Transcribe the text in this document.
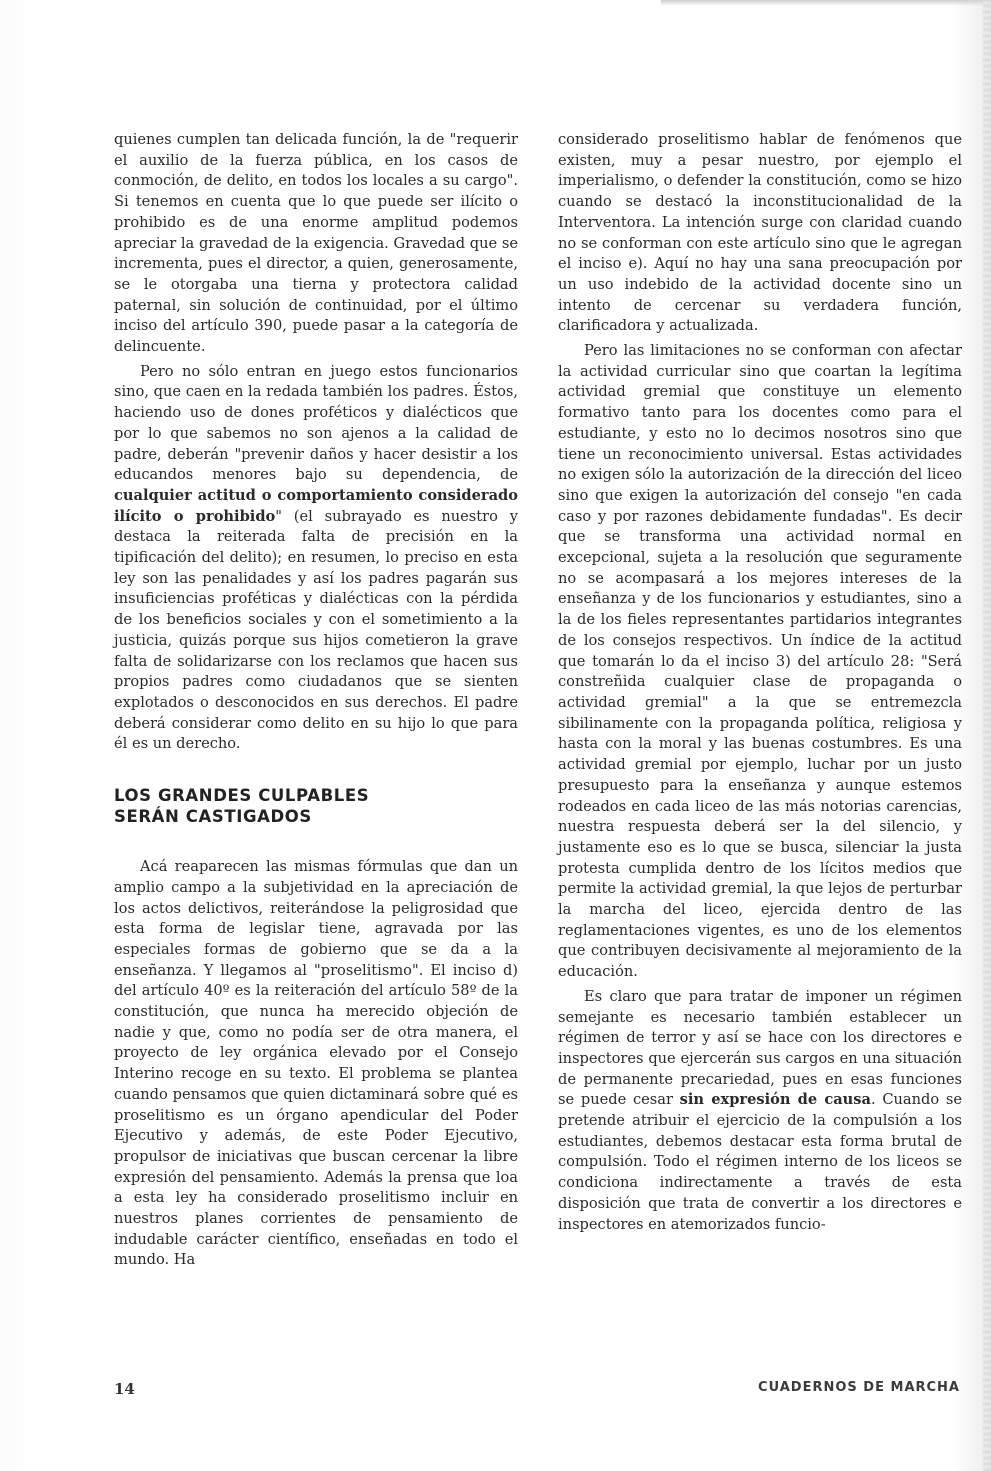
quienes cumplen tan delicada función, la de "requerir el auxilio de la fuerza pública, en los casos de conmoción, de delito, en todos los locales a su cargo". Si tenemos en cuenta que lo que puede ser ilícito o prohibido es de una enorme amplitud podemos apreciar la gravedad de la exigencia. Gravedad que se incrementa, pues el director, a quien, generosamente, se le otorgaba una tierna y protectora calidad paternal, sin solución de continuidad, por el último inciso del artículo 390, puede pasar a la categoría de delincuente.

Pero no sólo entran en juego estos funcionarios sino, que caen en la redada también los padres. Éstos, haciendo uso de dones proféticos y dialécticos que por lo que sabemos no son ajenos a la calidad de padre, deberán "prevenir daños y hacer desistir a los educandos menores bajo su dependencia, de cualquier actitud o comportamiento considerado ilícito o prohibido" (el subrayado es nuestro y destaca la reiterada falta de precisión en la tipificación del delito); en resumen, lo preciso en esta ley son las penalidades y así los padres pagarán sus insuficiencias proféticas y dialécticas con la pérdida de los beneficios sociales y con el sometimiento a la justicia, quizás porque sus hijos cometieron la grave falta de solidarizarse con los reclamos que hacen sus propios padres como ciudadanos que se sienten explotados o desconocidos en sus derechos. El padre deberá considerar como delito en su hijo lo que para él es un derecho.

LOS GRANDES CULPABLES
SERÁN CASTIGADOS

Acá reaparecen las mismas fórmulas que dan un amplio campo a la subjetividad en la apreciación de los actos delictivos, reiterándose la peligrosidad que esta forma de legislar tiene, agravada por las especiales formas de gobierno que se da a la enseñanza. Y llegamos al "proselitismo". El inciso d) del artículo 40º es la reiteración del artículo 58º de la constitución, que nunca ha merecido objeción de nadie y que, como no podía ser de otra manera, el proyecto de ley orgánica elevado por el Consejo Interino recoge en su texto. El problema se plantea cuando pensamos que quien dictaminará sobre qué es proselitismo es un órgano apendicular del Poder Ejecutivo y además, de este Poder Ejecutivo, propulsor de iniciativas que buscan cercenar la libre expresión del pensamiento. Además la prensa que loa a esta ley ha considerado proselitismo incluir en nuestros planes corrientes de pensamiento de indudable carácter científico, enseñadas en todo el mundo. Ha

considerado proselitismo hablar de fenómenos que existen, muy a pesar nuestro, por ejemplo el imperialismo, o defender la constitución, como se hizo cuando se destacó la inconstitucionalidad de la Interventora. La intención surge con claridad cuando no se conforman con este artículo sino que le agregan el inciso e). Aquí no hay una sana preocupación por un uso indebido de la actividad docente sino un intento de cercenar su verdadera función, clarificadora y actualizada.

Pero las limitaciones no se conforman con afectar la actividad curricular sino que coartan la legítima actividad gremial que constituye un elemento formativo tanto para los docentes como para el estudiante, y esto no lo decimos nosotros sino que tiene un reconocimiento universal. Estas actividades no exigen sólo la autorización de la dirección del liceo sino que exigen la autorización del consejo "en cada caso y por razones debidamente fundadas". Es decir que se transforma una actividad normal en excepcional, sujeta a la resolución que seguramente no se acompasará a los mejores intereses de la enseñanza y de los funcionarios y estudiantes, sino a la de los fieles representantes partidarios integrantes de los consejos respectivos. Un índice de la actitud que tomarán lo da el inciso 3) del artículo 28: "Será constreñida cualquier clase de propaganda o actividad gremial" a la que se entremezcla sibilinamente con la propaganda política, religiosa y hasta con la moral y las buenas costumbres. Es una actividad gremial por ejemplo, luchar por un justo presupuesto para la enseñanza y aunque estemos rodeados en cada liceo de las más notorias carencias, nuestra respuesta deberá ser la del silencio, y justamente eso es lo que se busca, silenciar la justa protesta cumplida dentro de los lícitos medios que permite la actividad gremial, la que lejos de perturbar la marcha del liceo, ejercida dentro de las reglamentaciones vigentes, es uno de los elementos que contribuyen decisivamente al mejoramiento de la educación.

Es claro que para tratar de imponer un régimen semejante es necesario también establecer un régimen de terror y así se hace con los directores e inspectores que ejercerán sus cargos en una situación de permanente precariedad, pues en esas funciones se puede cesar sin expresión de causa. Cuando se pretende atribuir el ejercicio de la compulsión a los estudiantes, debemos destacar esta forma brutal de compulsión. Todo el régimen interno de los liceos se condiciona indirectamente a través de esta disposición que trata de convertir a los directores e inspectores en atemorizados funcio-

14	CUADERNOS DE MARCHA
